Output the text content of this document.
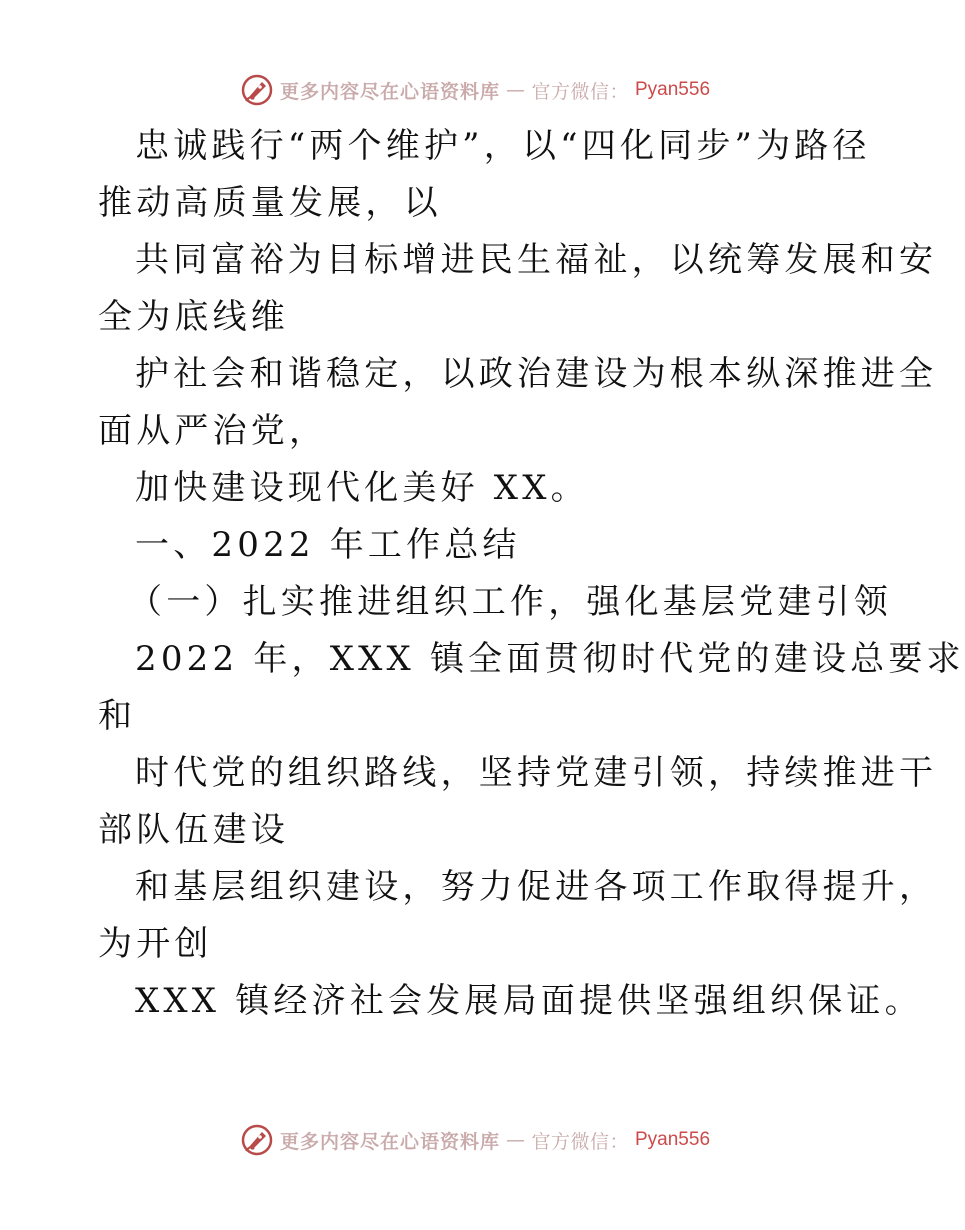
更多内容尽在心语资料库 — 官方微信： Pyan556
忠诚践行“两个维护”，以“四化同步”为路径
推动高质量发展，以
共同富裕为目标增进民生福祉，以统筹发展和安
全为底线维
护社会和谐稳定，以政治建设为根本纵深推进全
面从严治党，
加快建设现代化美好 XX。
一、2022 年工作总结
（一）扎实推进组织工作，强化基层党建引领
2022 年，XXX 镇全面贯彻时代党的建设总要求
和
时代党的组织路线，坚持党建引领，持续推进干
部队伍建设
和基层组织建设，努力促进各项工作取得提升，
为开创
XXX 镇经济社会发展局面提供坚强组织保证。
更多内容尽在心语资料库 — 官方微信： Pyan556
